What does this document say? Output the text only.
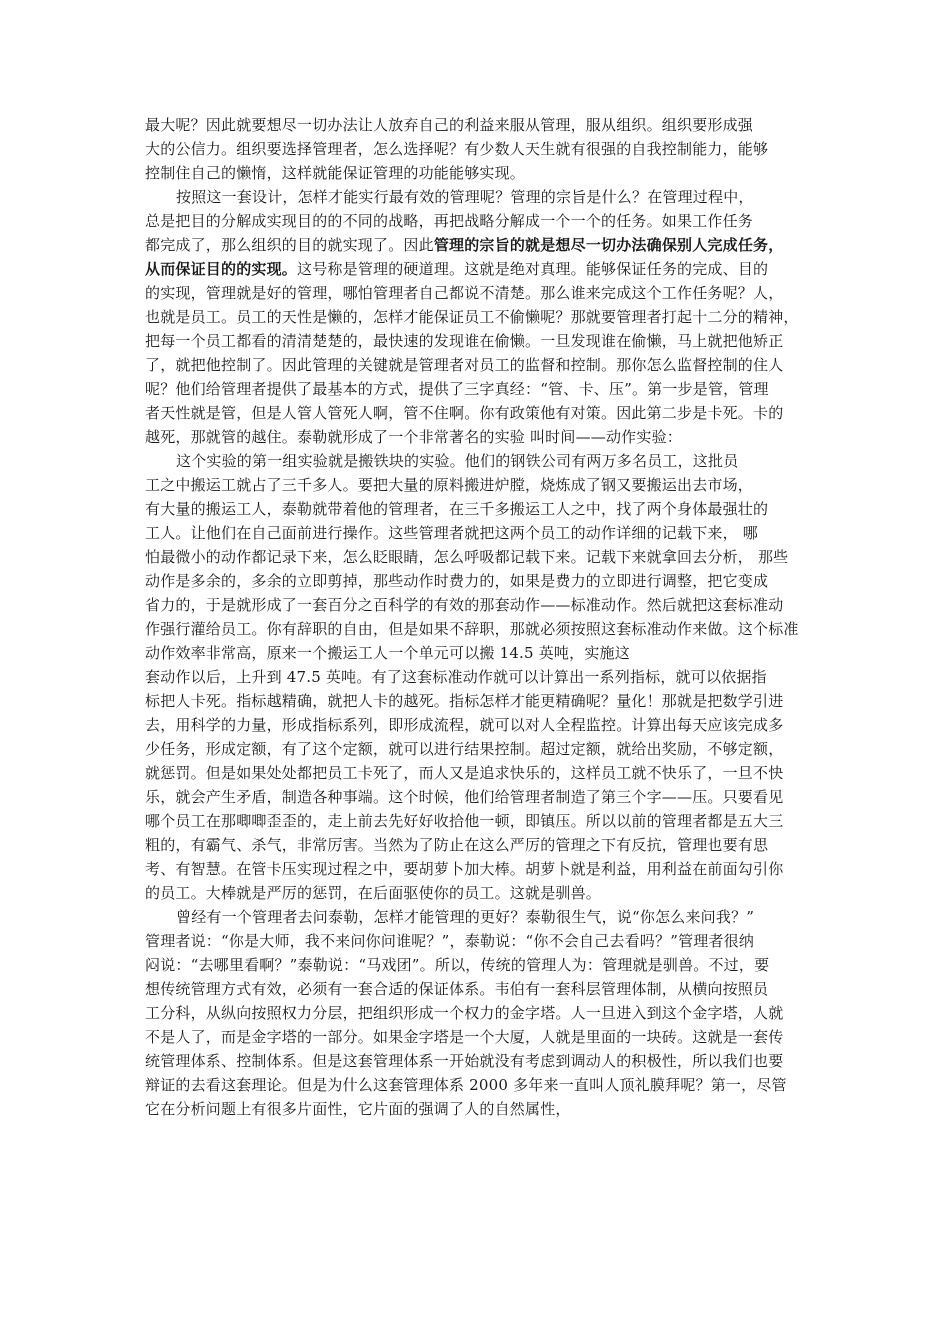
最大呢？因此就要想尽一切办法让人放弃自己的利益来服从管理，服从组织。组织要形成强
大的公信力。组织要选择管理者，怎么选择呢？有少数人天生就有很强的自我控制能力，能够
控制住自己的懒惰，这样就能保证管理的功能能够实现。
按照这一套设计，怎样才能实行最有效的管理呢？管理的宗旨是什么？在管理过程中，
总是把目的分解成实现目的的不同的战略，再把战略分解成一个一个的任务。如果工作任务
都完成了，那么组织的目的就实现了。因此管理的宗旨的就是想尽一切办法确保别人完成任务，
从而保证目的的实现。这号称是管理的硬道理。这就是绝对真理。能够保证任务的完成、目的
的实现，管理就是好的管理，哪怕管理者自己都说不清楚。那么谁来完成这个工作任务呢？人，
也就是员工。员工的天性是懒的，怎样才能保证员工不偷懒呢？那就要管理者打起十二分的精神，
把每一个员工都看的清清楚楚的，最快速的发现谁在偷懒。一旦发现谁在偷懒，马上就把他矫正
了，就把他控制了。因此管理的关键就是管理者对员工的监督和控制。那你怎么监督控制的住人
呢？他们给管理者提供了最基本的方式，提供了三字真经：“管、卡、压”。第一步是管，管理
者天性就是管，但是人管人管死人啊，管不住啊。你有政策他有对策。因此第二步是卡死。卡的
越死，那就管的越住。泰勒就形成了一个非常著名的实验 叫时间——动作实验：
这个实验的第一组实验就是搬铁块的实验。他们的钢铁公司有两万多名员工，这批员
工之中搬运工就占了三千多人。要把大量的原料搬进炉膛，烧炼成了钢又要搬运出去市场，
有大量的搬运工人，泰勒就带着他的管理者，在三千多搬运工人之中，找了两个身体最强壮的
工人。让他们在自己面前进行操作。这些管理者就把这两个员工的动作详细的记载下来， 哪
怕最微小的动作都记录下来，怎么眨眼睛，怎么呼吸都记载下来。记载下来就拿回去分析， 那些
动作是多余的，多余的立即剪掉，那些动作时费力的，如果是费力的立即进行调整，把它变成
省力的，于是就形成了一套百分之百科学的有效的那套动作——标准动作。然后就把这套标准动
作强行灌给员工。你有辞职的自由，但是如果不辞职，那就必须按照这套标准动作来做。这个标准
动作效率非常高，原来一个搬运工人一个单元可以搬 14.5 英吨，实施这
套动作以后，上升到 47.5 英吨。有了这套标准动作就可以计算出一系列指标，就可以依据指
标把人卡死。指标越精确，就把人卡的越死。指标怎样才能更精确呢？量化！那就是把数学引进
去，用科学的力量，形成指标系列，即形成流程，就可以对人全程监控。计算出每天应该完成多
少任务，形成定额，有了这个定额，就可以进行结果控制。超过定额，就给出奖励，不够定额，
就惩罚。但是如果处处都把员工卡死了，而人又是追求快乐的，这样员工就不快乐了，一旦不快
乐，就会产生矛盾，制造各种事端。这个时候，他们给管理者制造了第三个字——压。只要看见
哪个员工在那唧唧歪歪的，走上前去先好好收拾他一顿，即镇压。所以以前的管理者都是五大三
粗的，有霸气、杀气，非常厉害。当然为了防止在这么严厉的管理之下有反抗，管理也要有思
考、有智慧。在管卡压实现过程之中，要胡萝卜加大棒。胡萝卜就是利益，用利益在前面勾引你
的员工。大棒就是严厉的惩罚，在后面驱使你的员工。这就是驯兽。
曾经有一个管理者去问泰勒，怎样才能管理的更好？泰勒很生气，说“你怎么来问我？”
管理者说：“你是大师，我不来问你问谁呢？”，泰勒说：“你不会自己去看吗？”管理者很纳
闷说：“去哪里看啊？”泰勒说：“马戏团”。所以，传统的管理人为：管理就是驯兽。不过，要
想传统管理方式有效，必须有一套合适的保证体系。韦伯有一套科层管理体制，从横向按照员
工分科，从纵向按照权力分层，把组织形成一个权力的金字塔。人一旦进入到这个金字塔，人就
不是人了，而是金字塔的一部分。如果金字塔是一个大厦，人就是里面的一块砖。这就是一套传
统管理体系、控制体系。但是这套管理体系一开始就没有考虑到调动人的积极性，所以我们也要
辩证的去看这套理论。但是为什么这套管理体系 2000 多年来一直叫人顶礼膜拜呢？第一，尽管
它在分析问题上有很多片面性，它片面的强调了人的自然属性，
